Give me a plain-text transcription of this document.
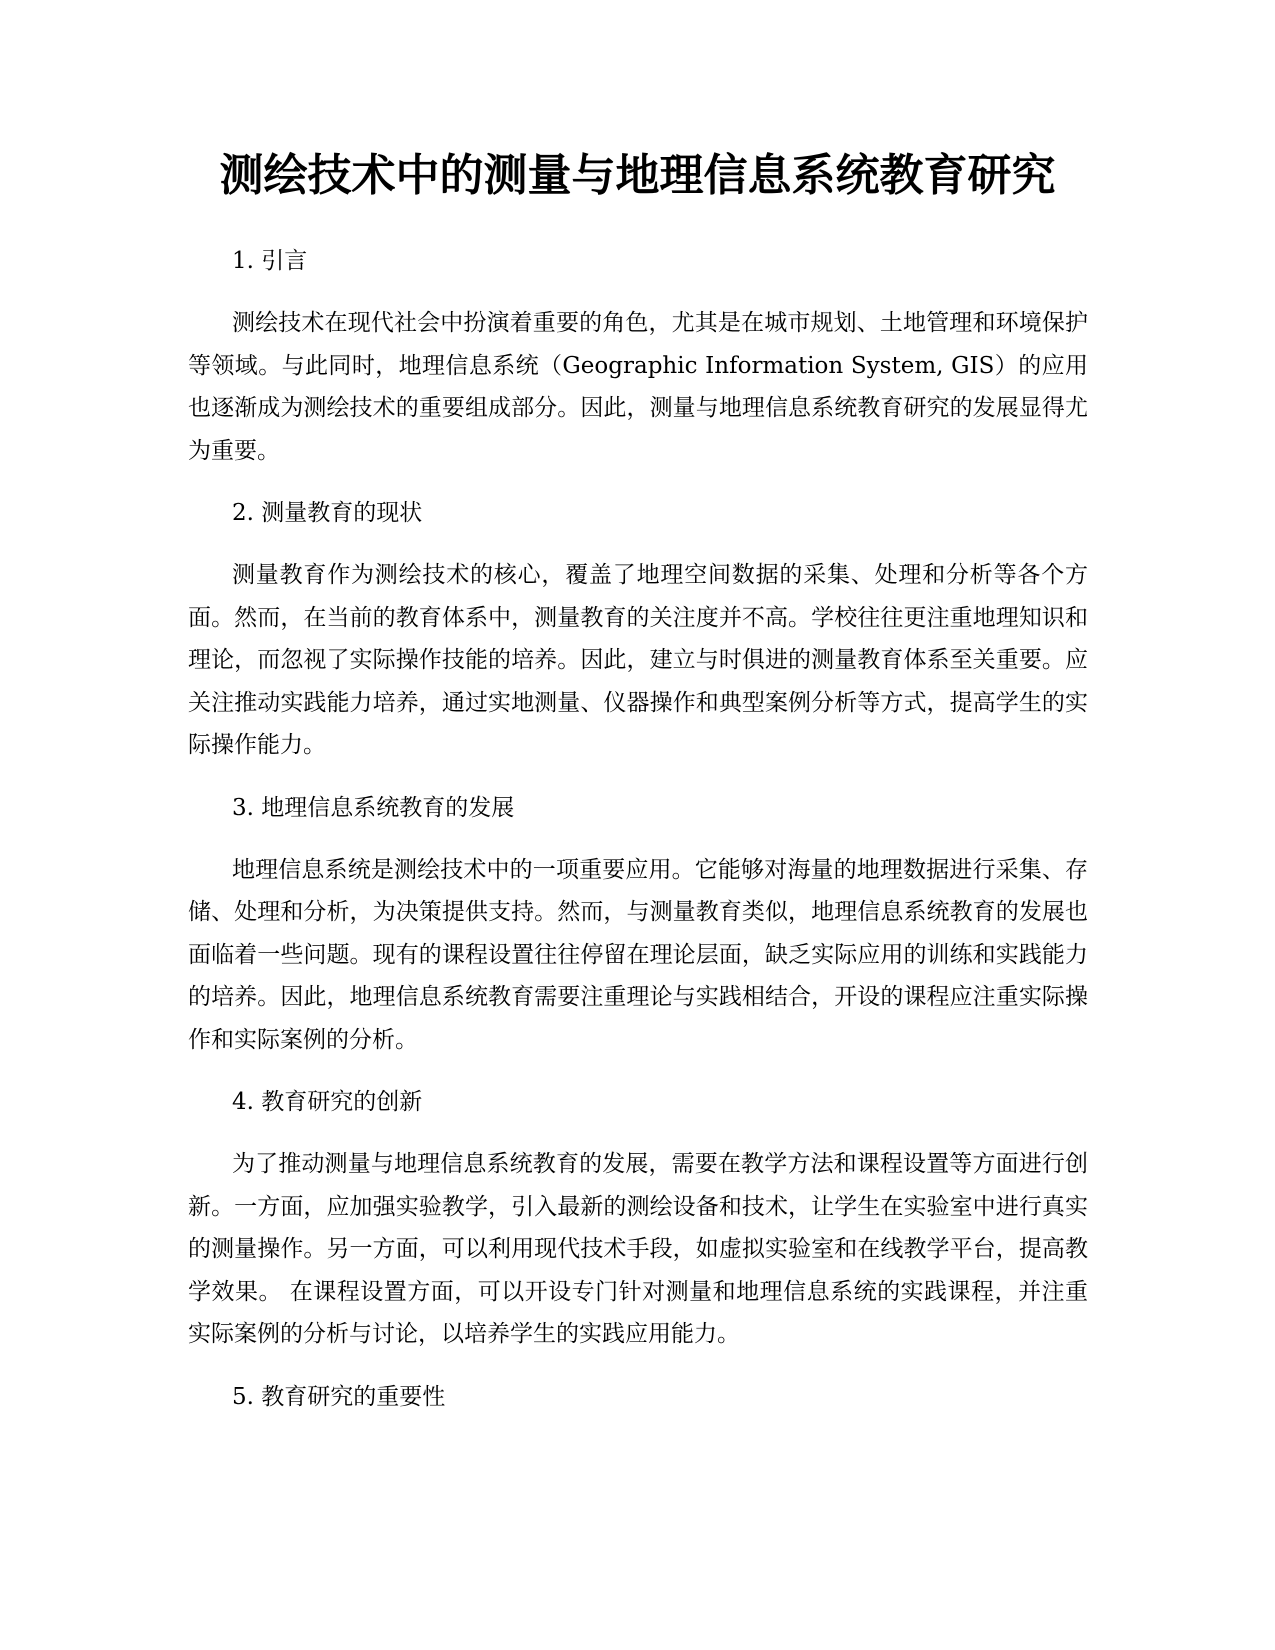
测绘技术中的测量与地理信息系统教育研究

1. 引言

测绘技术在现代社会中扮演着重要的角色，尤其是在城市规划、土地管理和环境保护等领域。与此同时，地理信息系统（Geographic Information System, GIS）的应用也逐渐成为测绘技术的重要组成部分。因此，测量与地理信息系统教育研究的发展显得尤为重要。

2. 测量教育的现状

测量教育作为测绘技术的核心，覆盖了地理空间数据的采集、处理和分析等各个方面。然而，在当前的教育体系中，测量教育的关注度并不高。学校往往更注重地理知识和理论，而忽视了实际操作技能的培养。因此，建立与时俱进的测量教育体系至关重要。应关注推动实践能力培养，通过实地测量、仪器操作和典型案例分析等方式，提高学生的实际操作能力。

3. 地理信息系统教育的发展

地理信息系统是测绘技术中的一项重要应用。它能够对海量的地理数据进行采集、存储、处理和分析，为决策提供支持。然而，与测量教育类似，地理信息系统教育的发展也面临着一些问题。现有的课程设置往往停留在理论层面，缺乏实际应用的训练和实践能力的培养。因此，地理信息系统教育需要注重理论与实践相结合，开设的课程应注重实际操作和实际案例的分析。

4. 教育研究的创新

为了推动测量与地理信息系统教育的发展，需要在教学方法和课程设置等方面进行创新。一方面，应加强实验教学，引入最新的测绘设备和技术，让学生在实验室中进行真实的测量操作。另一方面，可以利用现代技术手段，如虚拟实验室和在线教学平台，提高教学效果。 在课程设置方面，可以开设专门针对测量和地理信息系统的实践课程，并注重实际案例的分析与讨论，以培养学生的实践应用能力。

5. 教育研究的重要性
